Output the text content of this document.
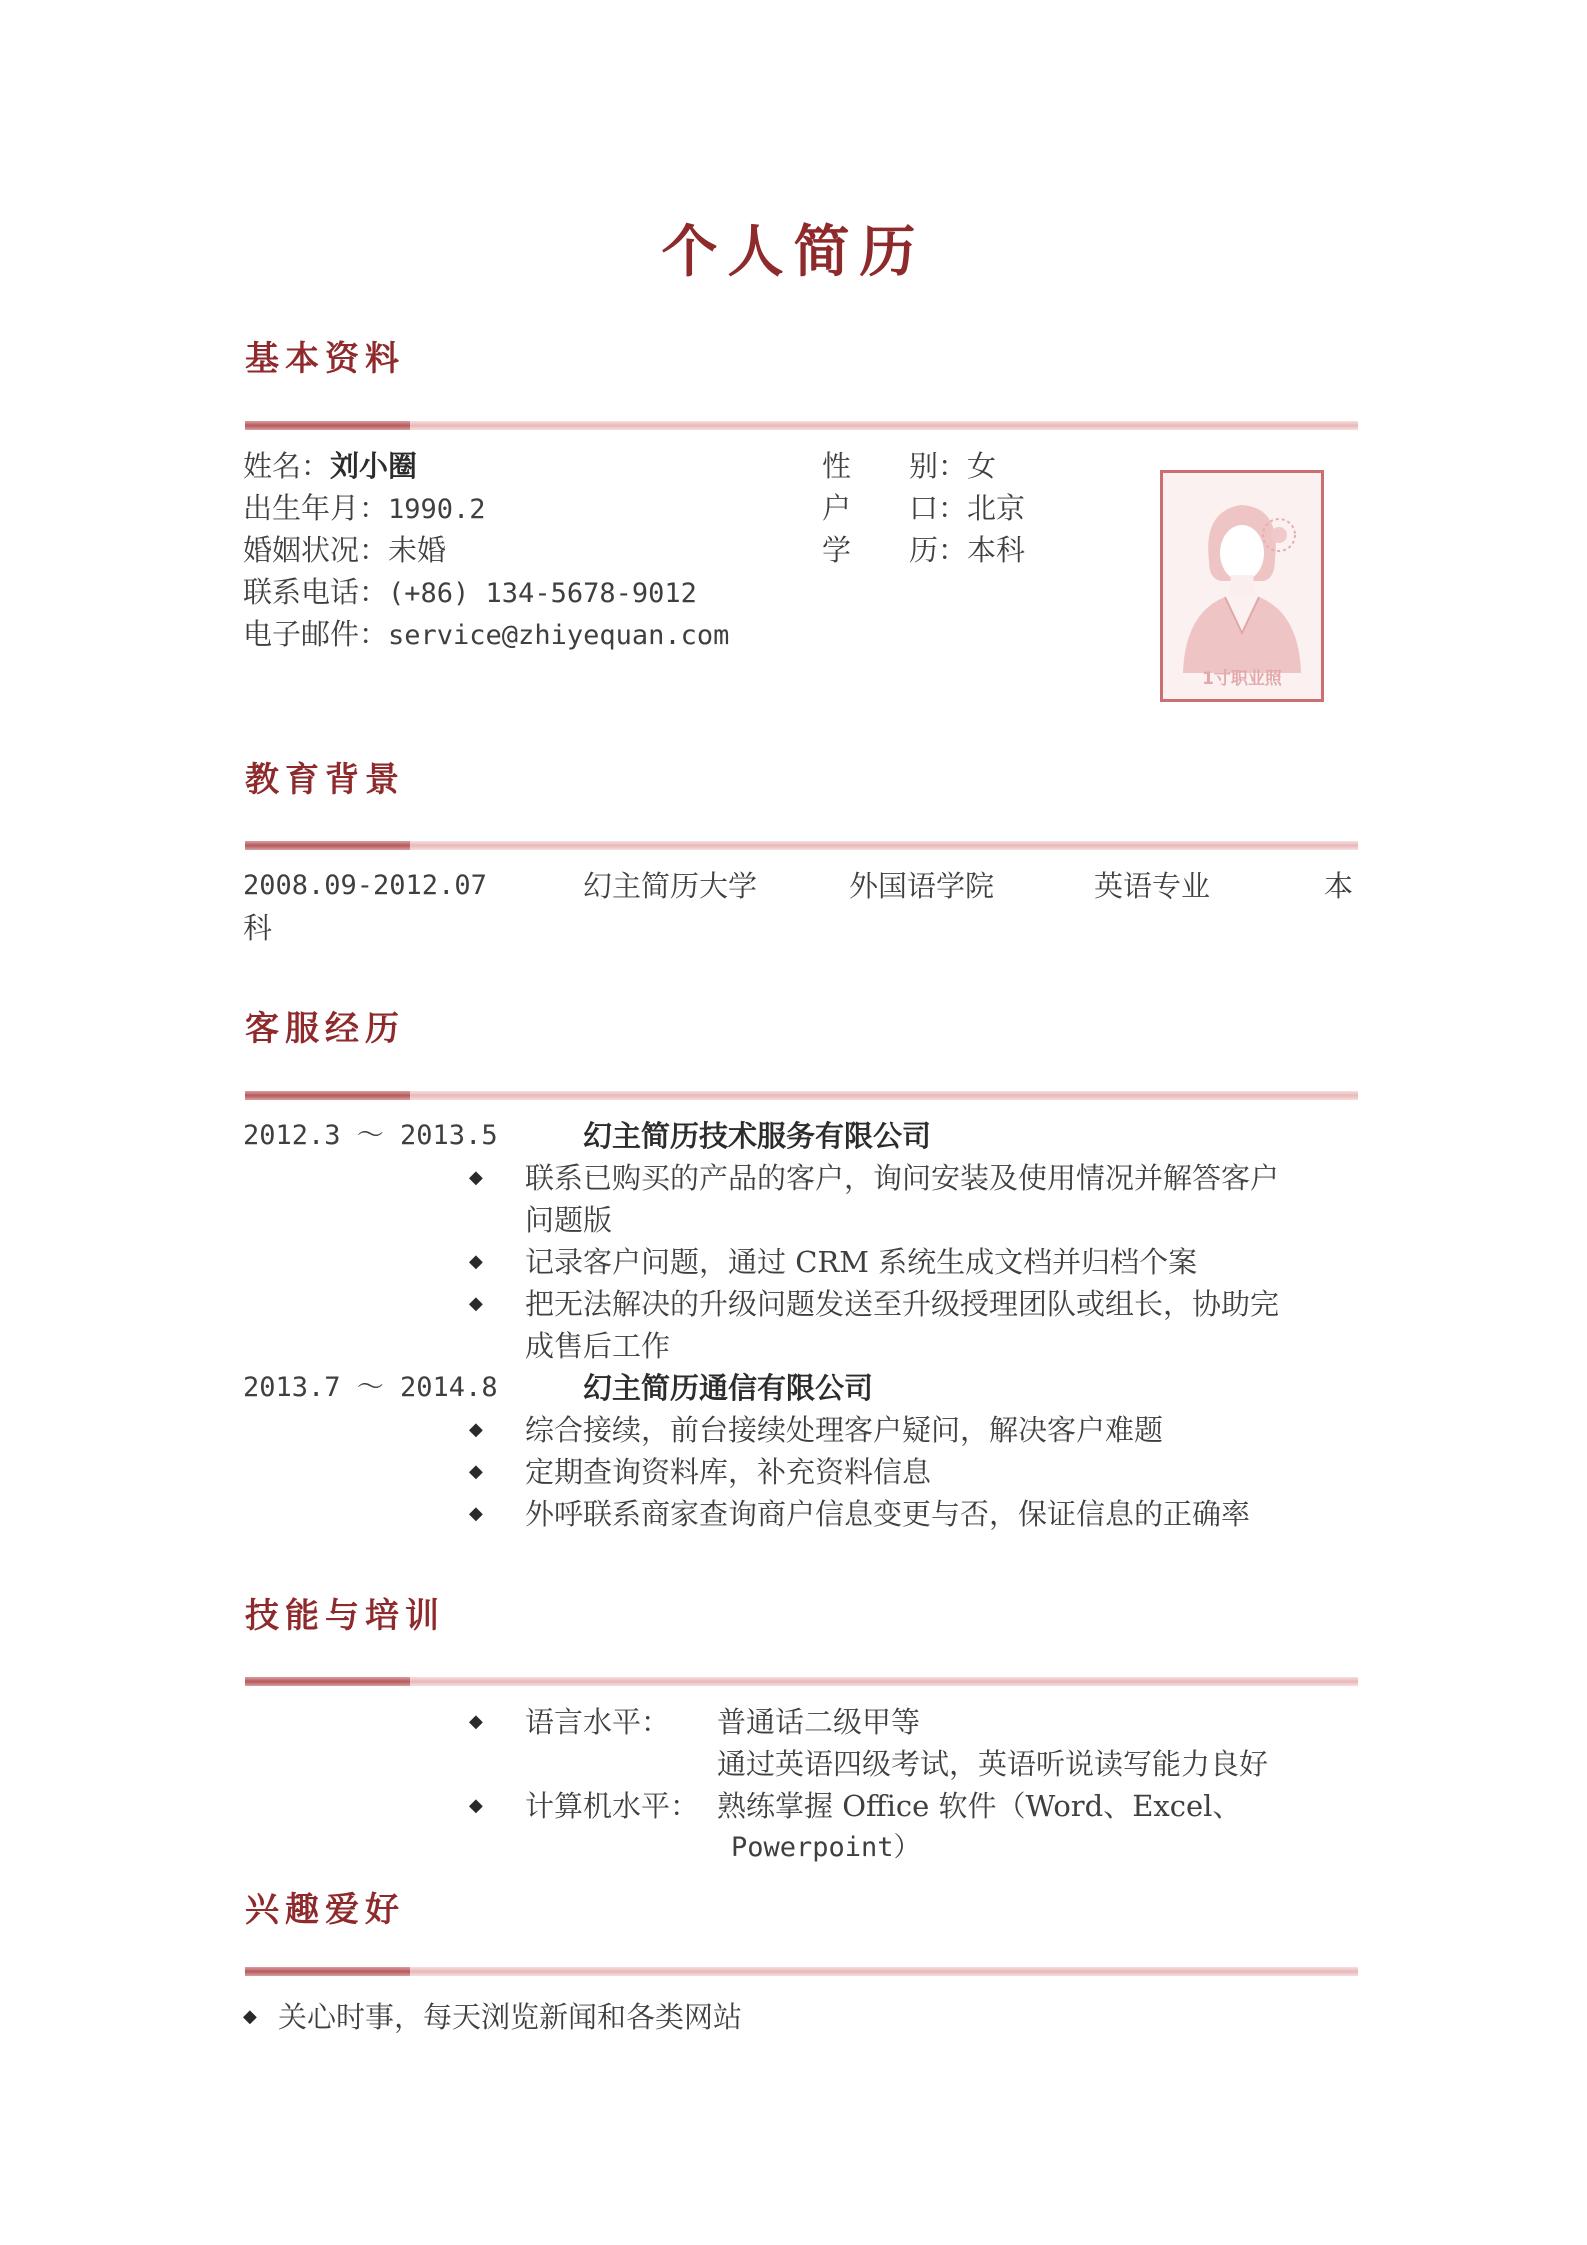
个人简历
基本资料
姓名：刘小圈
出生年月：1990.2
婚姻状况：未婚
联系电话：(+86) 134-5678-9012
电子邮件：service@zhiyequan.com
性　　别：女
户　　口：北京
学　　历：本科
1寸职业照
教育背景
2008.09-2012.07	幻主简历大学	外国语学院	英语专业	本
科
客服经历
2012.3 ～ 2013.5	幻主简历技术服务有限公司
◆ 联系已购买的产品的客户，询问安装及使用情况并解答客户
问题版
◆ 记录客户问题，通过 CRM 系统生成文档并归档个案
◆ 把无法解决的升级问题发送至升级授理团队或组长，协助完
成售后工作
2013.7 ～ 2014.8	幻主简历通信有限公司
◆ 综合接续，前台接续处理客户疑问，解决客户难题
◆ 定期查询资料库，补充资料信息
◆ 外呼联系商家查询商户信息变更与否，保证信息的正确率
技能与培训
◆ 语言水平： 普通话二级甲等
通过英语四级考试，英语听说读写能力良好
◆ 计算机水平： 熟练掌握 Office 软件（Word、Excel、
Powerpoint）
兴趣爱好
◆ 关心时事，每天浏览新闻和各类网站
